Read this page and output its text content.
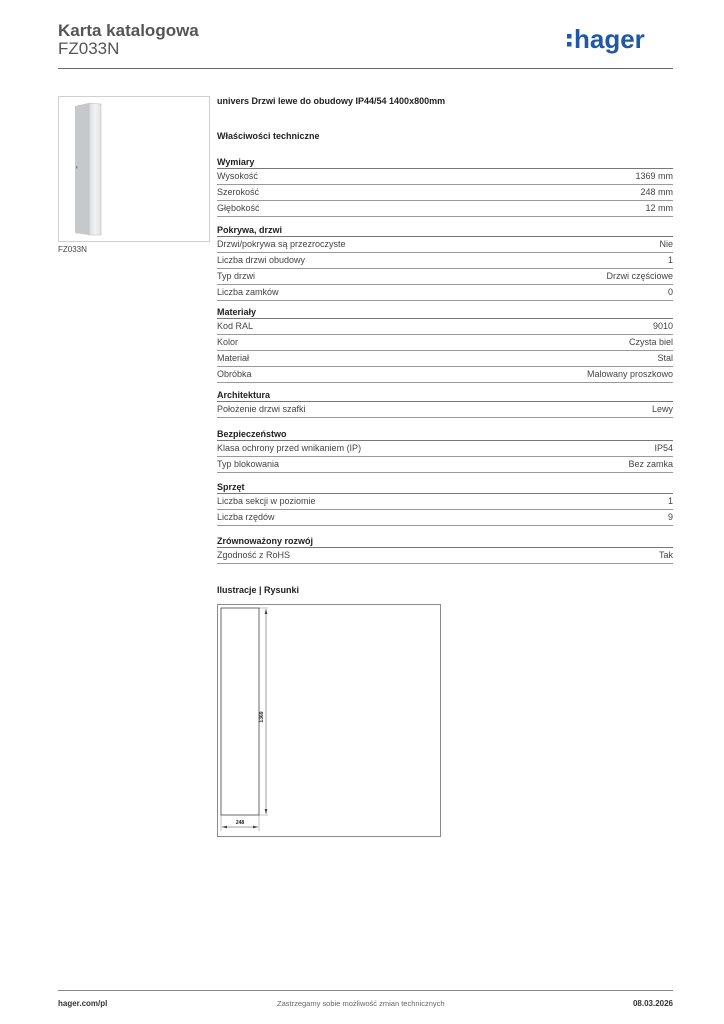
Karta katalogowa
FZ033N	hager
FZ033N
univers Drzwi lewe do obudowy IP44/54 1400x800mm
Właściwości techniczne
Wymiary
Wysokość	1369 mm
Szerokość	248 mm
Głębokość	12 mm
Pokrywa, drzwi
Drzwi/pokrywa są przezroczyste	Nie
Liczba drzwi obudowy	1
Typ drzwi	Drzwi częściowe
Liczba zamków	0
Materiały
Kod RAL	9010
Kolor	Czysta biel
Materiał	Stal
Obróbka	Malowany proszkowo
Architektura
Położenie drzwi szafki	Lewy
Bezpieczeństwo
Klasa ochrony przed wnikaniem (IP)	IP54
Typ blokowania	Bez zamka
Sprzęt
Liczba sekcji w poziomie	1
Liczba rzędów	9
Zrównoważony rozwój
Zgodność z RoHS	Tak
Ilustracje | Rysunki
1369
248
hager.com/pl	Zastrzegamy sobie możliwość zmian technicznych	08.03.2026
